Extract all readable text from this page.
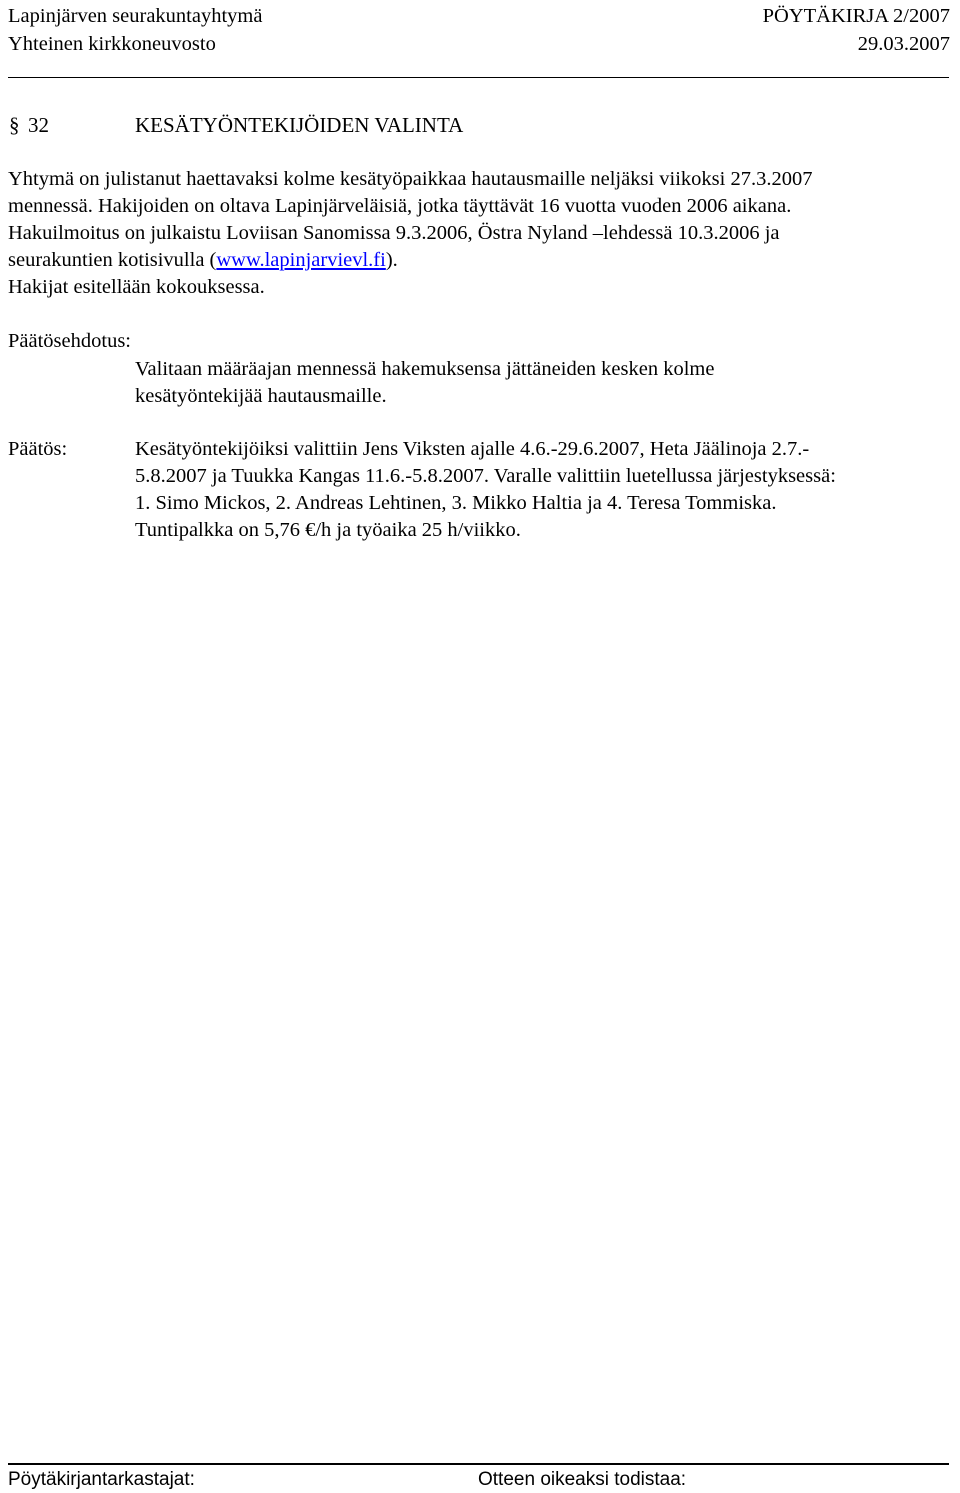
Lapinjärven seurakuntayhtymä	PÖYTÄKIRJA 2/2007
Yhteinen kirkkoneuvosto	29.03.2007
§ 32	KESÄTYÖNTEKIJÖIDEN VALINTA
Yhtymä on julistanut haettavaksi kolme kesätyöpaikkaa hautausmaille neljäksi viikoksi 27.3.2007
mennessä. Hakijoiden on oltava Lapinjärveläisiä, jotka täyttävät 16 vuotta vuoden 2006 aikana.
Hakuilmoitus on julkaistu Loviisan Sanomissa 9.3.2006, Östra Nyland –lehdessä 10.3.2006 ja
seurakuntien kotisivulla (www.lapinjarvievl.fi).
Hakijat esitellään kokouksessa.
Päätösehdotus:
Valitaan määräajan mennessä hakemuksensa jättäneiden kesken kolme
kesätyöntekijää hautausmaille.
Päätös:	Kesätyöntekijöiksi valittiin Jens Viksten ajalle 4.6.-29.6.2007, Heta Jäälinoja 2.7.-
5.8.2007 ja Tuukka Kangas 11.6.-5.8.2007. Varalle valittiin luetellussa järjestyksessä:
1. Simo Mickos, 2. Andreas Lehtinen, 3. Mikko Haltia ja 4. Teresa Tommiska.
Tuntipalkka on 5,76 €/h ja työaika 25 h/viikko.
Pöytäkirjantarkastajat:	Otteen oikeaksi todistaa:
